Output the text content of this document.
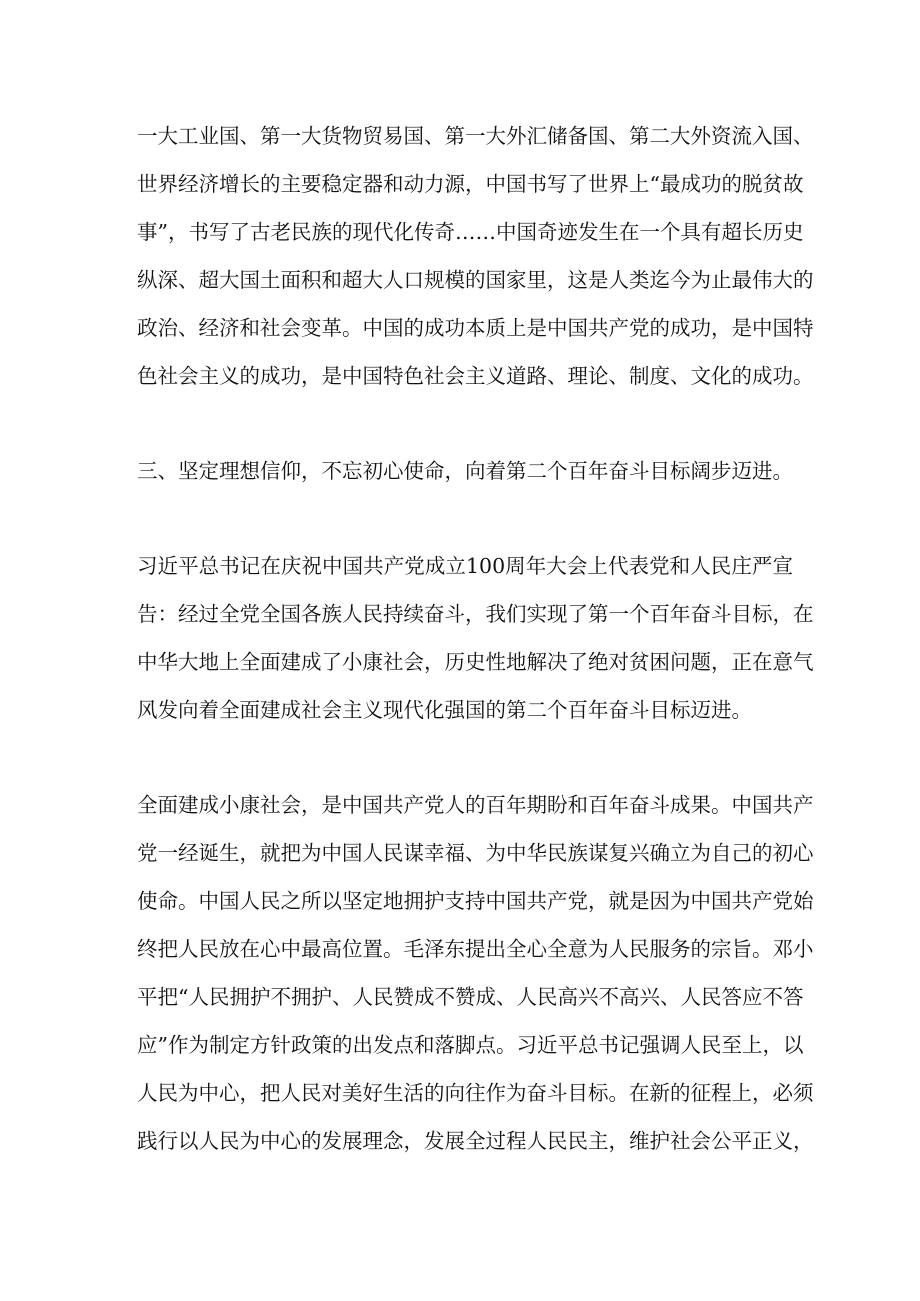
一大工业国、第一大货物贸易国、第一大外汇储备国、第二大外资流入国、
世界经济增长的主要稳定器和动力源，中国书写了世界上“最成功的脱贫故
事”，书写了古老民族的现代化传奇……中国奇迹发生在一个具有超长历史
纵深、超大国土面积和超大人口规模的国家里，这是人类迄今为止最伟大的
政治、经济和社会变革。中国的成功本质上是中国共产党的成功，是中国特
色社会主义的成功，是中国特色社会主义道路、理论、制度、文化的成功。
三、坚定理想信仰，不忘初心使命，向着第二个百年奋斗目标阔步迈进。
习近平总书记在庆祝中国共产党成立100周年大会上代表党和人民庄严宣
告：经过全党全国各族人民持续奋斗，我们实现了第一个百年奋斗目标，在
中华大地上全面建成了小康社会，历史性地解决了绝对贫困问题，正在意气
风发向着全面建成社会主义现代化强国的第二个百年奋斗目标迈进。
全面建成小康社会，是中国共产党人的百年期盼和百年奋斗成果。中国共产
党一经诞生，就把为中国人民谋幸福、为中华民族谋复兴确立为自己的初心
使命。中国人民之所以坚定地拥护支持中国共产党，就是因为中国共产党始
终把人民放在心中最高位置。毛泽东提出全心全意为人民服务的宗旨。邓小
平把“人民拥护不拥护、人民赞成不赞成、人民高兴不高兴、人民答应不答
应”作为制定方针政策的出发点和落脚点。习近平总书记强调人民至上，以
人民为中心，把人民对美好生活的向往作为奋斗目标。在新的征程上，必须
践行以人民为中心的发展理念，发展全过程人民民主，维护社会公平正义，
